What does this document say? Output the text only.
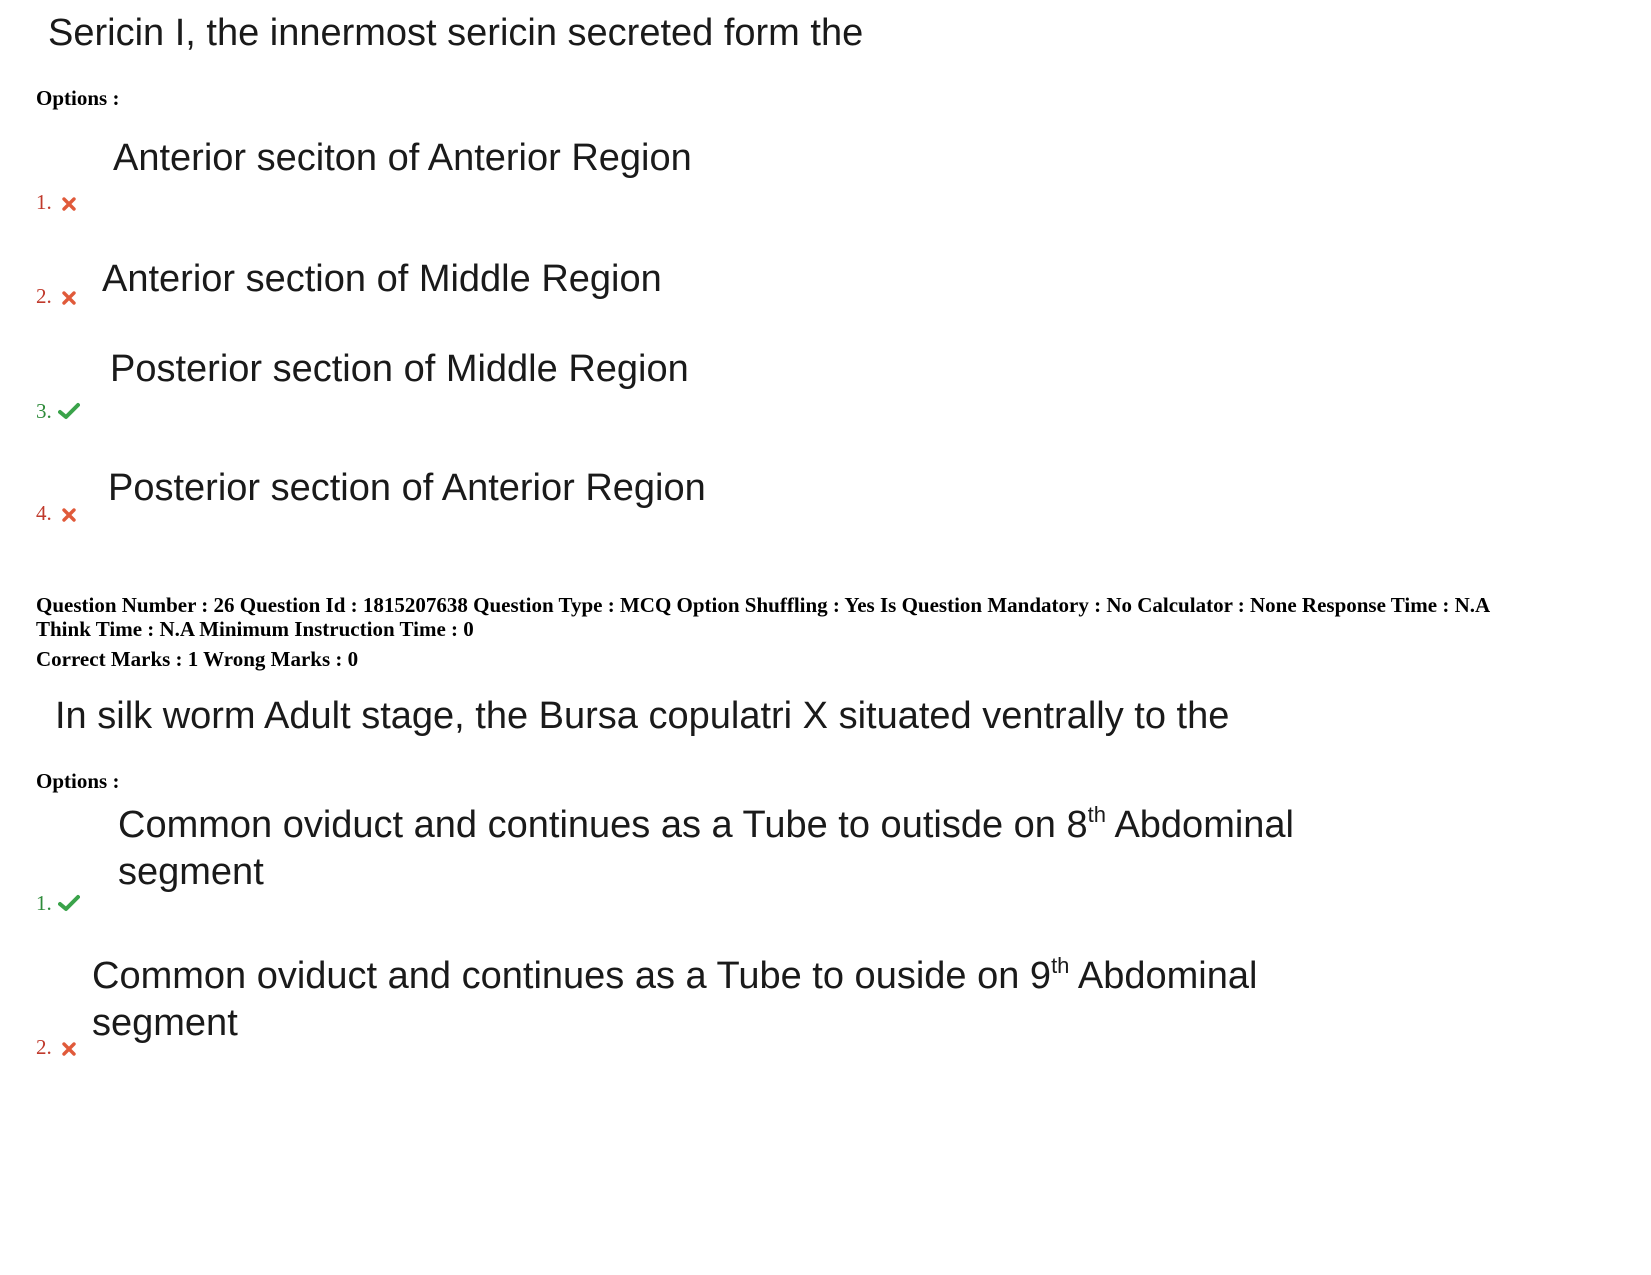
Sericin I, the innermost sericin secreted form the
Options :
Anterior seciton of Anterior Region
1.
Anterior section of Middle Region
2.
Posterior section of Middle Region
3.
Posterior section of Anterior Region
4.
Question Number : 26 Question Id : 1815207638 Question Type : MCQ Option Shuffling : Yes Is Question Mandatory : No Calculator : None Response Time : N.A
Think Time : N.A Minimum Instruction Time : 0
Correct Marks : 1 Wrong Marks : 0
In silk worm Adult stage, the Bursa copulatri X situated ventrally to the
Options :
Common oviduct and continues as a Tube to outisde on 8th Abdominal
segment
1.
Common oviduct and continues as a Tube to ouside on 9th Abdominal
segment
2.
